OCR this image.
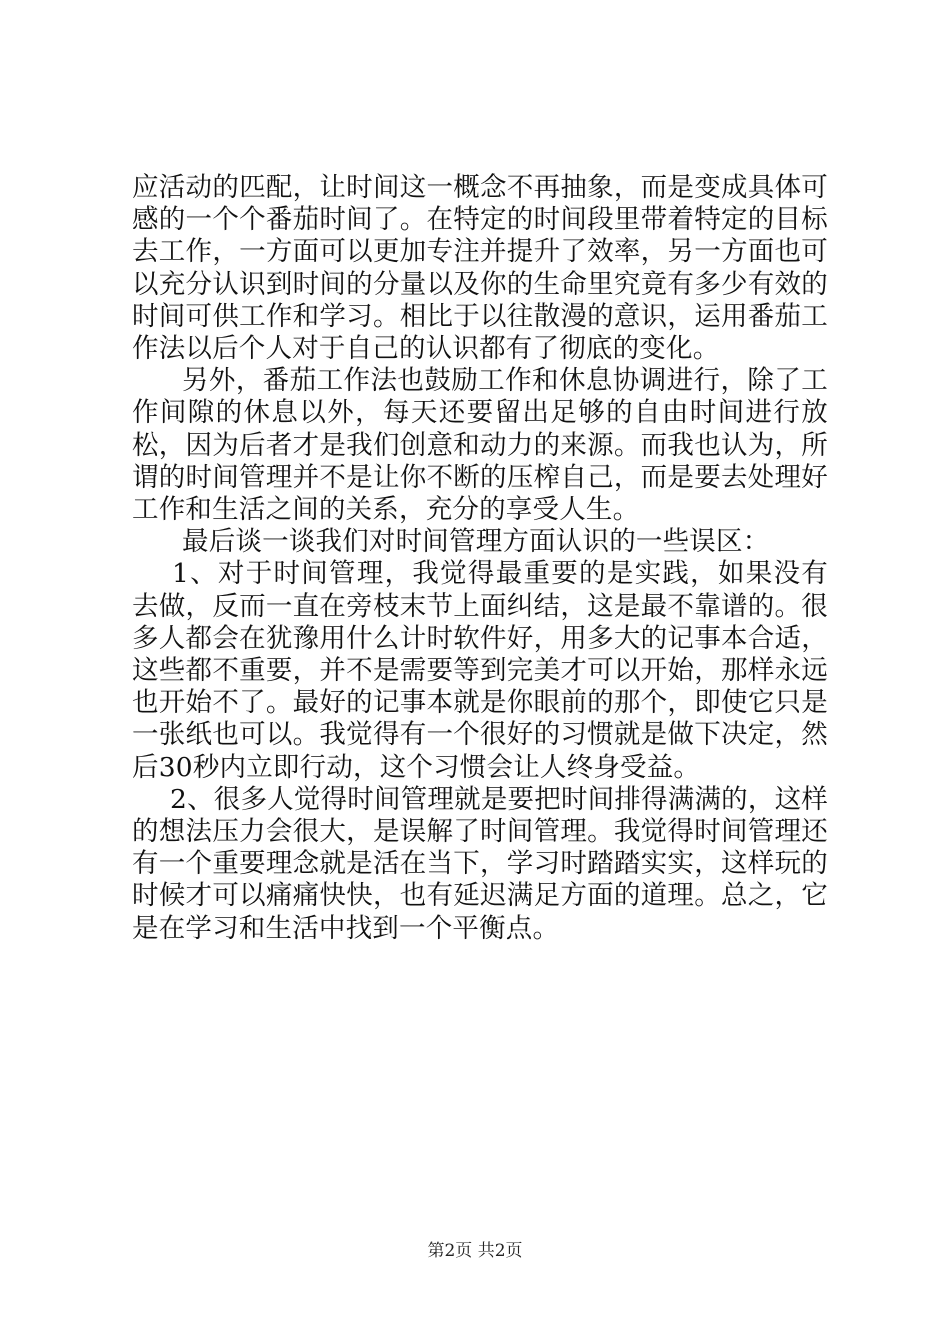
应活动的匹配，让时间这一概念不再抽象，而是变成具体可感的一个个番茄时间了。在特定的时间段里带着特定的目标去工作，一方面可以更加专注并提升了效率，另一方面也可以充分认识到时间的分量以及你的生命里究竟有多少有效的时间可供工作和学习。相比于以往散漫的意识，运用番茄工作法以后个人对于自己的认识都有了彻底的变化。

另外，番茄工作法也鼓励工作和休息协调进行，除了工作间隙的休息以外，每天还要留出足够的自由时间进行放松，因为后者才是我们创意和动力的来源。而我也认为，所谓的时间管理并不是让你不断的压榨自己，而是要去处理好工作和生活之间的关系，充分的享受人生。

最后谈一谈我们对时间管理方面认识的一些误区：

1、对于时间管理，我觉得最重要的是实践，如果没有去做，反而一直在旁枝末节上面纠结，这是最不靠谱的。很多人都会在犹豫用什么计时软件好，用多大的记事本合适，这些都不重要，并不是需要等到完美才可以开始，那样永远也开始不了。最好的记事本就是你眼前的那个，即使它只是一张纸也可以。我觉得有一个很好的习惯就是做下决定，然后30秒内立即行动，这个习惯会让人终身受益。

2、很多人觉得时间管理就是要把时间排得满满的，这样的想法压力会很大，是误解了时间管理。我觉得时间管理还有一个重要理念就是活在当下，学习时踏踏实实，这样玩的时候才可以痛痛快快，也有延迟满足方面的道理。总之，它是在学习和生活中找到一个平衡点。

第2页 共2页
